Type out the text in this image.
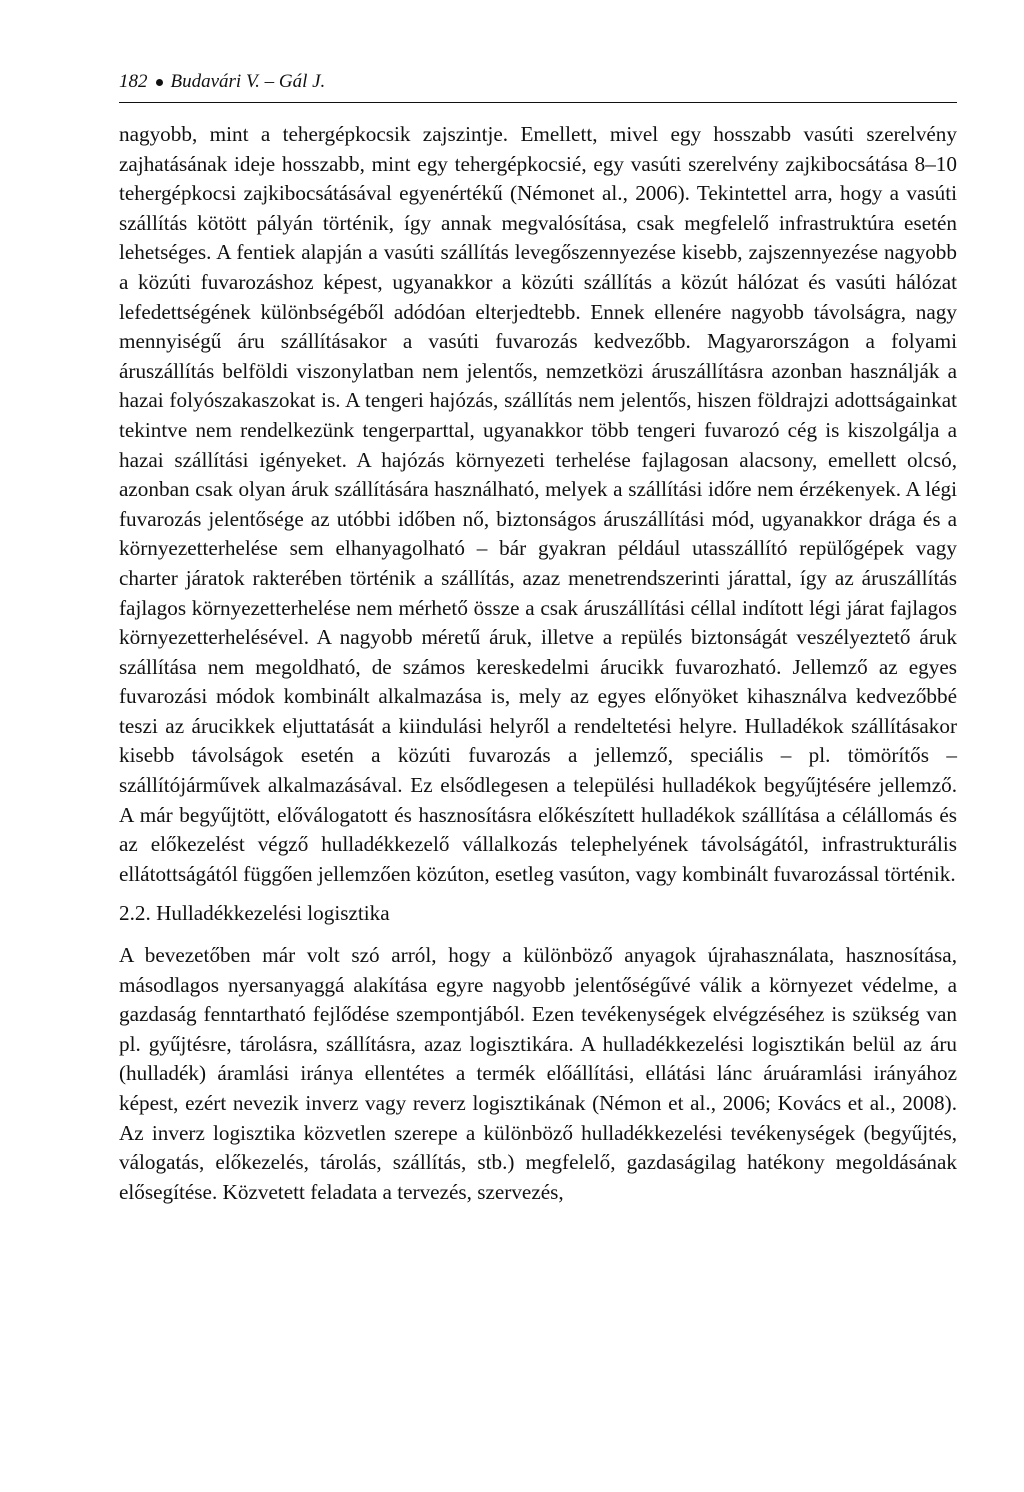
182 Budavári V. – Gál J.

nagyobb, mint a tehergépkocsik zajszintje. Emellett, mivel egy hosszabb vasúti szerelvény zajhatásának ideje hosszabb, mint egy tehergépkocsié, egy vasúti szerelvény zajkibocsátása 8–10 tehergépkocsi zajkibocsátásával egyenértékű (Némonet al., 2006). Tekintettel arra, hogy a vasúti szállítás kötött pályán történik, így annak megvalósítása, csak megfelelő infrastruktúra esetén lehetséges. A fentiek alapján a vasúti szállítás levegőszennyezése kisebb, zajszennyezése nagyobb a közúti fuvarozáshoz képest, ugyanakkor a közúti szállítás a közút hálózat és vasúti hálózat lefedettségének különbségéből adódóan elterjedtebb. Ennek ellenére nagyobb távolságra, nagy mennyiségű áru szállításakor a vasúti fuvarozás kedvezőbb. Magyarországon a folyami áruszállítás belföldi viszonylatban nem jelentős, nemzetközi áruszállításra azonban használják a hazai folyószakaszokat is. A tengeri hajózás, szállítás nem jelentős, hiszen földrajzi adottságainkat tekintve nem rendelkezünk tengerparttal, ugyanakkor több tengeri fuvarozó cég is kiszolgálja a hazai szállítási igényeket. A hajózás környezeti terhelése fajlagosan alacsony, emellett olcsó, azonban csak olyan áruk szállítására használható, melyek a szállítási időre nem érzékenyek. A légi fuvarozás jelentősége az utóbbi időben nő, biztonságos áruszállítási mód, ugyanakkor drága és a környezetterhelése sem elhanyagolható – bár gyakran például utasszállító repülőgépek vagy charter járatok rakterében történik a szállítás, azaz menetrendszerinti járattal, így az áruszállítás fajlagos környezetterhelése nem mérhető össze a csak áruszállítási céllal indított légi járat fajlagos környezetterhelésével. A nagyobb méretű áruk, illetve a repülés biztonságát veszélyeztető áruk szállítása nem megoldható, de számos kereskedelmi árucikk fuvarozható. Jellemző az egyes fuvarozási módok kombinált alkalmazása is, mely az egyes előnyöket kihasználva kedvezőbbé teszi az árucikkek eljuttatását a kiindulási helyről a rendeltetési helyre. Hulladékok szállításakor kisebb távolságok esetén a közúti fuvarozás a jellemző, speciális – pl. tömörítős – szállítójárművek alkalmazásával. Ez elsődlegesen a települési hulladékok begyűjtésére jellemző. A már begyűjtött, előválogatott és hasznosításra előkészített hulladékok szállítása a célállomás és az előkezelést végző hulladékkezelő vállalkozás telephelyének távolságától, infrastrukturális ellátottságától függően jellemzően közúton, esetleg vasúton, vagy kombinált fuvarozással történik.

2.2. Hulladékkezelési logisztika

A bevezetőben már volt szó arról, hogy a különböző anyagok újrahasználata, hasznosítása, másodlagos nyersanyaggá alakítása egyre nagyobb jelentőségűvé válik a környezet védelme, a gazdaság fenntartható fejlődése szempontjából. Ezen tevékenységek elvégzéséhez is szükség van pl. gyűjtésre, tárolásra, szállításra, azaz logisztikára. A hulladékkezelési logisztikán belül az áru (hulladék) áramlási iránya ellentétes a termék előállítási, ellátási lánc áruáramlási irányához képest, ezért nevezik inverz vagy reverz logisztikának (Némon et al., 2006; Kovács et al., 2008). Az inverz logisztika közvetlen szerepe a különböző hulladékkezelési tevékenységek (begyűjtés, válogatás, előkezelés, tárolás, szállítás, stb.) megfelelő, gazdaságilag hatékony megoldásának elősegítése. Közvetett feladata a tervezés, szervezés,
